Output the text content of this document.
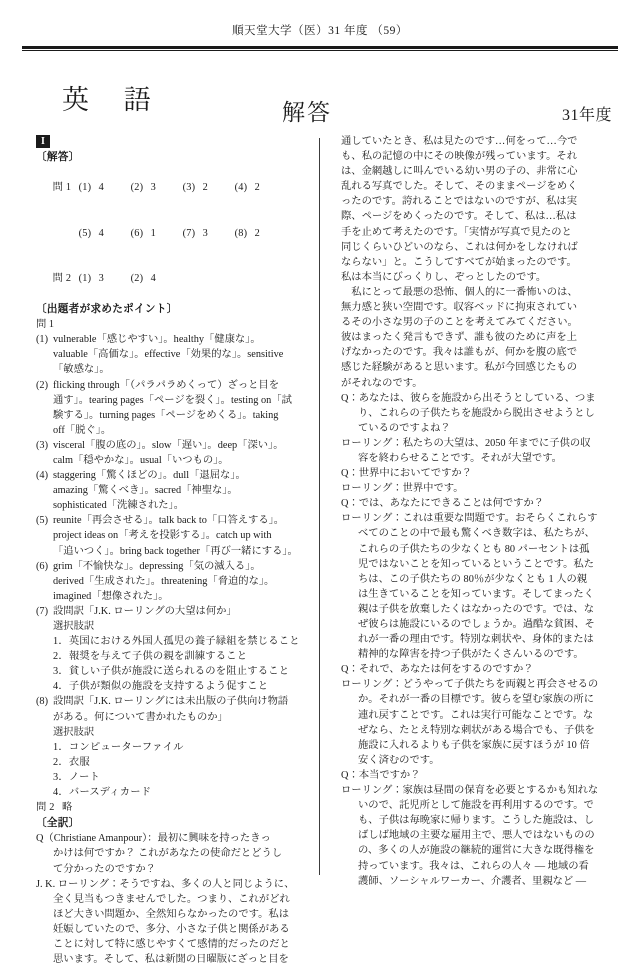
順天堂大学（医）31 年度 （59）
英 語	解答	31年度
I
〔解答〕

問 1 (1) 4	(2) 3	(3) 2	(4) 2

(5) 4	(6) 1	(7) 3	(8) 2

問 2 (1) 3	(2) 4

〔出題者が求めたポイント〕
問 1
(1) vulnerable「感じやすい」。healthy「健康な」。
valuable「高価な」。effective「効果的な」。sensitive
「敏感な」。
(2) flicking through「（パラパラめくって）ざっと目を
通す」。tearing pages「ページを裂く」。testing on「試
験する」。turning pages「ページをめくる」。taking
off「脱ぐ」。
(3) visceral「腹の底の」。slow「遅い」。deep「深い」。
calm「穏やかな」。usual「いつもの」。
(4) staggering「驚くほどの」。dull「退屈な」。
amazing「驚くべき」。sacred「神聖な」。
sophisticated「洗練された」。
(5) reunite「再会させる」。talk back to「口答えする」。
project ideas on「考えを投影する」。catch up with
「追いつく」。bring back together「再び一緒にする」。
(6) grim「不愉快な」。depressing「気の滅入る」。
derived「生成された」。threatening「脅迫的な」。
imagined「想像された」。
(7) 設問訳「J.K. ローリングの大望は何か」
選択肢訳
1．英国における外国人孤児の養子縁組を禁じること
2．報奨を与えて子供の親を訓練すること
3．貧しい子供が施設に送られるのを阻止すること
4．子供が類似の施設を支持するよう促すこと
(8) 設問訳「J.K. ローリングには未出版の子供向け物語
がある。何について書かれたものか」
選択肢訳
1．コンピューターファイル
2．衣服
3．ノート
4．バースディカード
問 2 略
〔全訳〕
Q（Christiane Amanpour）：最初に興味を持ったきっ
かけは何ですか？ これがあなたの使命だとどうし
て分かったのですか？
J. K. ローリング：そうですね、多くの人と同じように、
全く見当もつきませんでした。つまり、これがどれ
ほど大きい問題か、全然知らなかったのです。私は
妊娠していたので、多分、小さな子供と関係がある
ことに対して特に感じやすくて感情的だったのだと
思います。そして、私は新聞の日曜版にざっと目を
通していたとき、私は見たのです…何をって…今で
も、私の記憶の中にその映像が残っています。それ
は、金網越しに叫んでいる幼い男の子の、非常に心
乱れる写真でした。そして、そのままページをめく
ったのです。誇れることではないのですが、私は実
際、ページをめくったのです。そして、私は…私は
手を止めて考えたのです。「実情が写真で見たのと
同じくらいひどいのなら、これは何かをしなければ
ならない」と。こうしてすべてが始まったのです。
私は本当にびっくりし、ぞっとしたのです。
　私にとって最悪の恐怖、個人的に一番怖いのは、
無力感と狭い空間です。収容ベッドに拘束されてい
るその小さな男の子のことを考えてみてください。
彼はまったく発言もできず、誰も彼のために声を上
げなかったのです。我々は誰もが、何かを腹の底で
感じた経験があると思います。私が今回感じたもの
がそれなのです。
Q：あなたは、彼らを施設から出そうとしている、つま
り、これらの子供たちを施設から脱出させようとし
ているのですよね？
ローリング：私たちの大望は、2050 年までに子供の収
容を終わらせることです。それが大望です。
Q：世界中においてですか？
ローリング：世界中です。
Q：では、あなたにできることは何ですか？
ローリング：これは重要な問題です。おそらくこれらす
べてのことの中で最も驚くべき数字は、私たちが、
これらの子供たちの少なくとも 80 パーセントは孤
児ではないことを知っているということです。私た
ちは、この子供たちの 80％が少なくとも 1 人の親
は生きていることを知っています。そしてまったく
親は子供を放棄したくはなかったのです。では、な
ぜ彼らは施設にいるのでしょうか。過酷な貧困、そ
れが一番の理由です。特別な刺状や、身体的または
精神的な障害を持つ子供がたくさんいるのです。
Q：それで、あなたは何をするのですか？
ローリング：どうやって子供たちを両親と再会させるの
か。それが一番の目標です。彼らを望む家族の所に
連れ戻すことです。これは実行可能なことです。な
ぜなら、たとえ特別な刺状がある場合でも、子供を
施設に入れるよりも子供を家族に戻すほうが 10 倍
安く済むのです。
Q：本当ですか？
ローリング：家族は昼間の保育を必要とするかも知れな
いので、託児所として施設を再利用するのです。で
も、子供は毎晩家に帰ります。こうした施設は、し
ばしば地域の主要な雇用主で、悪人ではないものの
の、多くの人が施設の継続的運営に大きな既得権を
持っています。我々は、これらの人々 ― 地域の看
護師、ソーシャルワーカー、介護者、里親など ―
